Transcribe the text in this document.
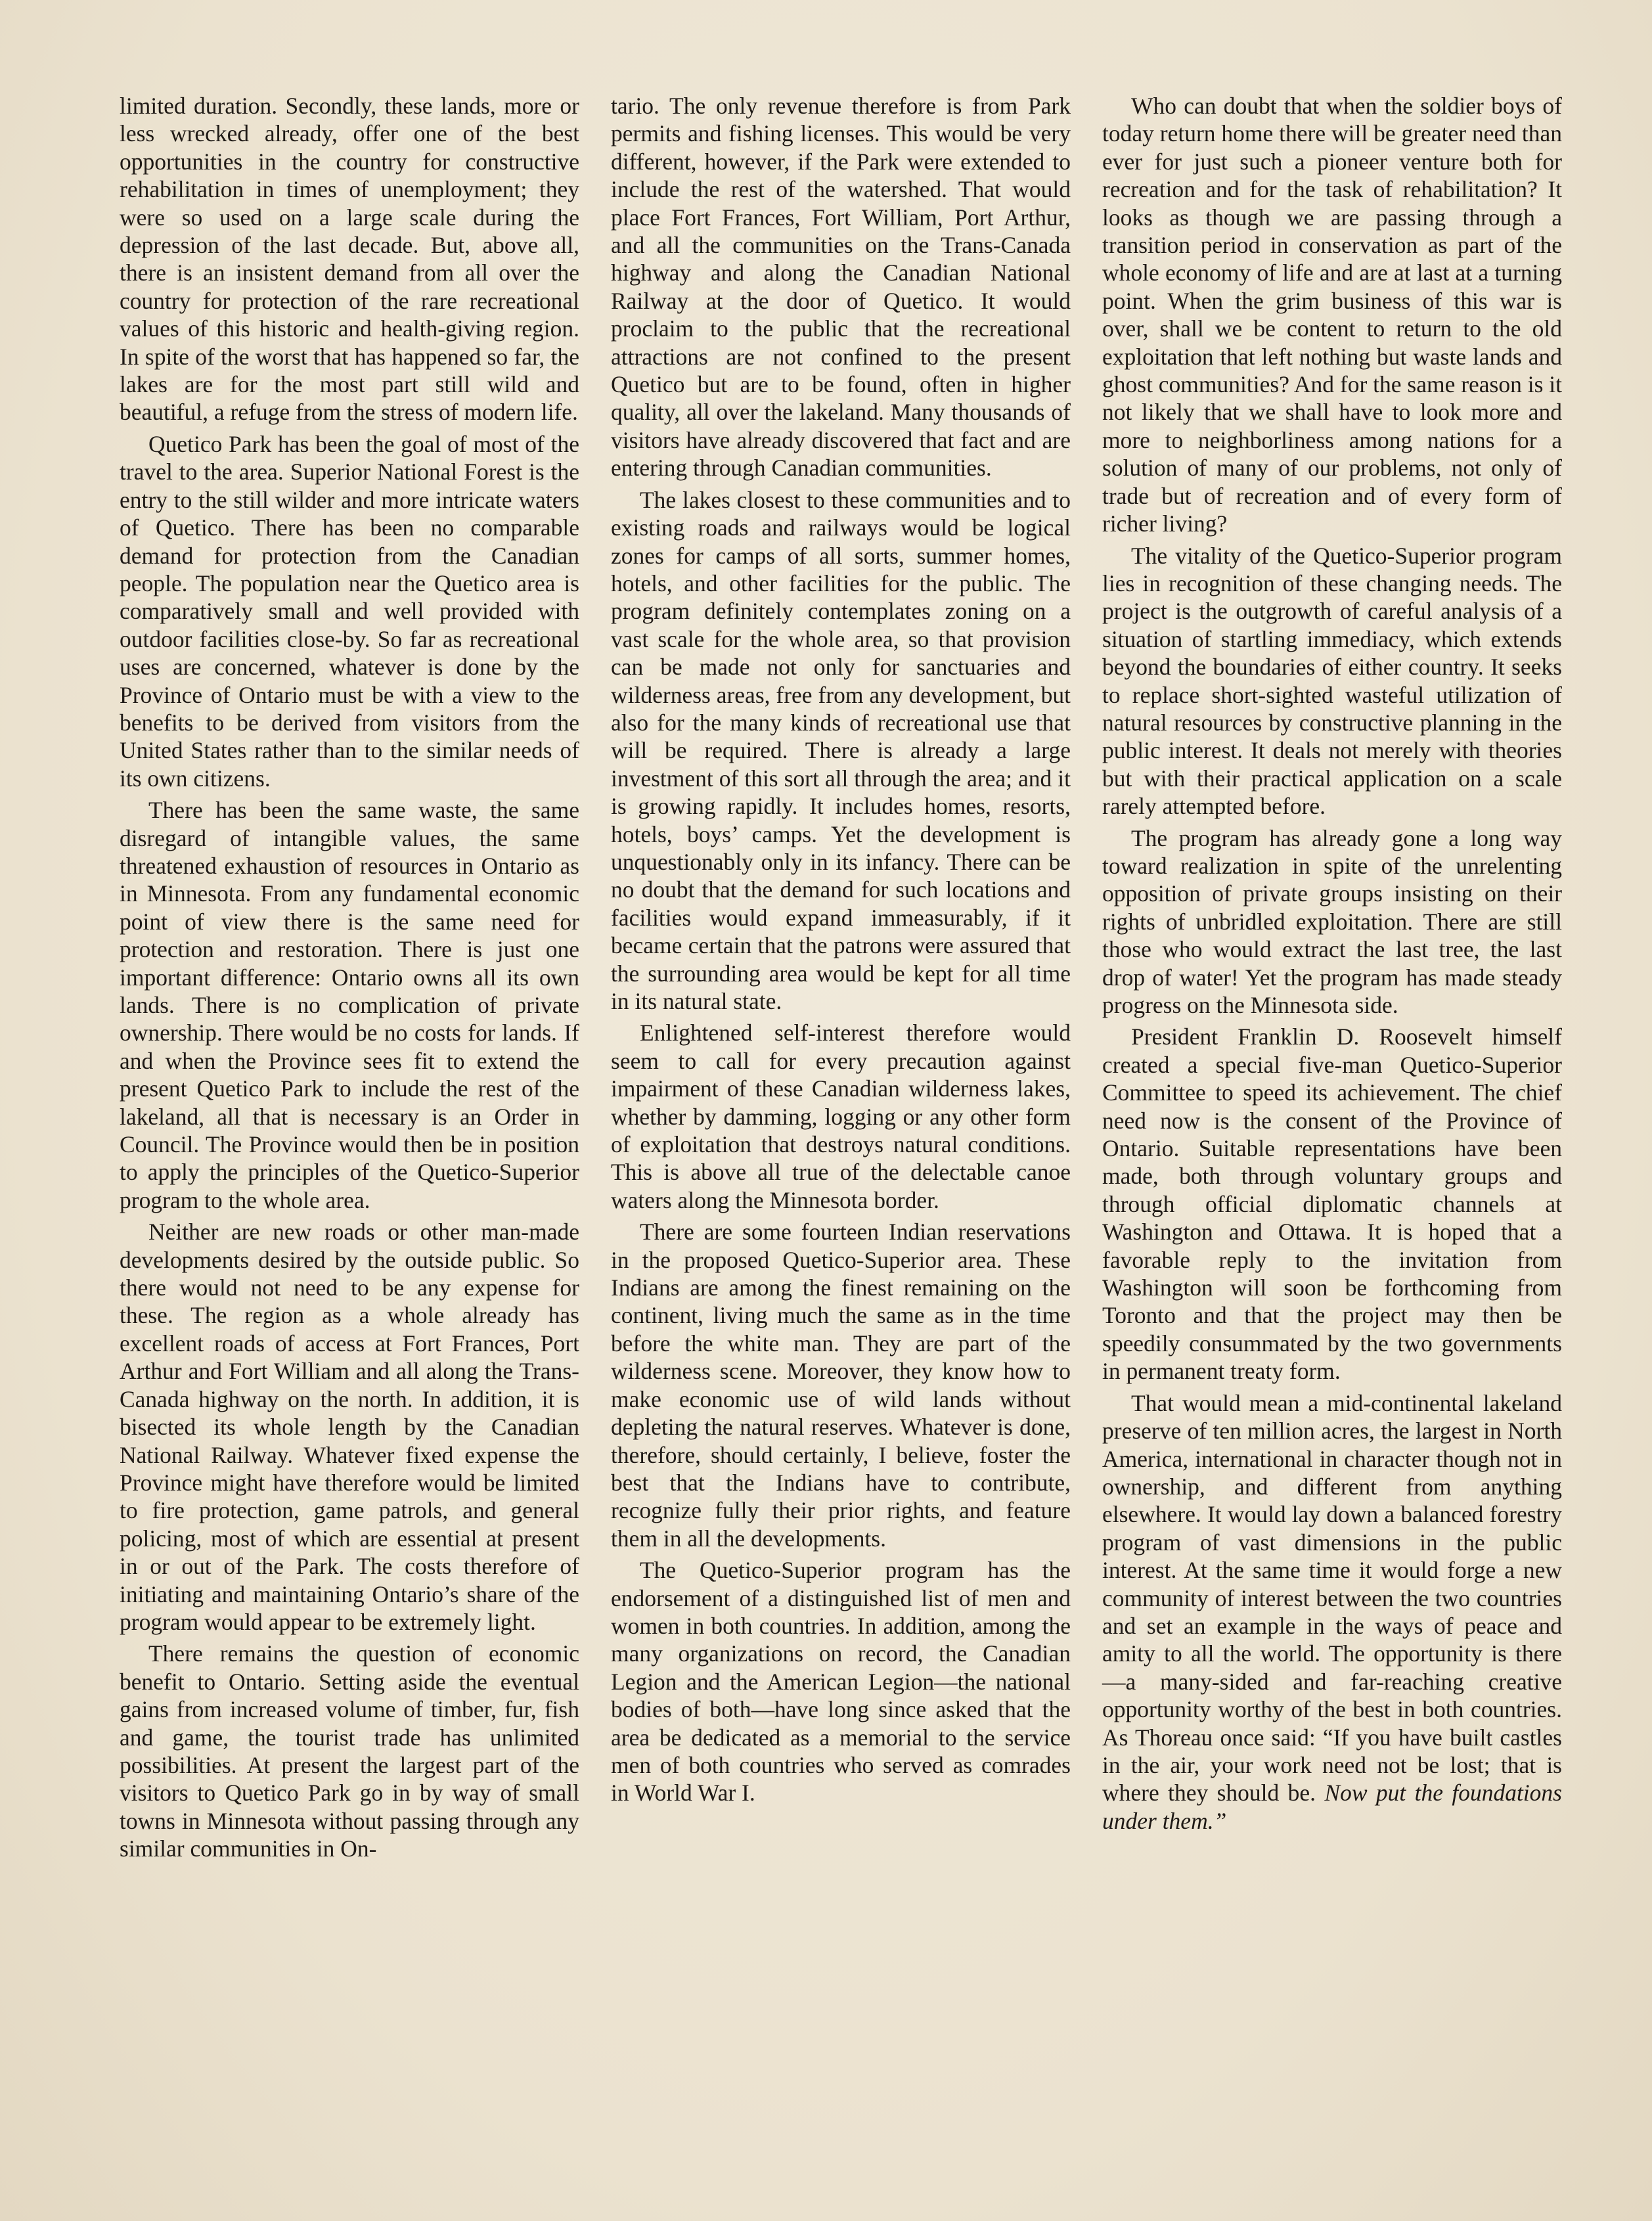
limited duration. Secondly, these lands, more or less wrecked already, offer one of the best opportunities in the country for constructive rehabilitation in times of unemployment; they were so used on a large scale during the depression of the last decade. But, above all, there is an insistent demand from all over the country for protection of the rare recreational values of this historic and health-giving region. In spite of the worst that has happened so far, the lakes are for the most part still wild and beautiful, a refuge from the stress of modern life.

Quetico Park has been the goal of most of the travel to the area. Superior National Forest is the entry to the still wilder and more intricate waters of Quetico. There has been no comparable demand for protection from the Canadian people. The population near the Quetico area is comparatively small and well provided with outdoor facilities close-by. So far as recreational uses are concerned, whatever is done by the Province of Ontario must be with a view to the benefits to be derived from visitors from the United States rather than to the similar needs of its own citizens.

There has been the same waste, the same disregard of intangible values, the same threatened exhaustion of resources in Ontario as in Minnesota. From any fundamental economic point of view there is the same need for protection and restoration. There is just one important difference: Ontario owns all its own lands. There is no complication of private ownership. There would be no costs for lands. If and when the Province sees fit to extend the present Quetico Park to include the rest of the lakeland, all that is necessary is an Order in Council. The Province would then be in position to apply the principles of the Quetico-Superior program to the whole area.

Neither are new roads or other man-made developments desired by the outside public. So there would not need to be any expense for these. The region as a whole already has excellent roads of access at Fort Frances, Port Arthur and Fort William and all along the Trans-Canada highway on the north. In addition, it is bisected its whole length by the Canadian National Railway. Whatever fixed expense the Province might have therefore would be limited to fire protection, game patrols, and general policing, most of which are essential at present in or out of the Park. The costs therefore of initiating and maintaining Ontario’s share of the program would appear to be extremely light.

There remains the question of economic benefit to Ontario. Setting aside the eventual gains from increased volume of timber, fur, fish and game, the tourist trade has unlimited possibilities. At present the largest part of the visitors to Quetico Park go in by way of small towns in Minnesota without passing through any similar communities in On-

tario. The only revenue therefore is from Park permits and fishing licenses. This would be very different, however, if the Park were extended to include the rest of the watershed. That would place Fort Frances, Fort William, Port Arthur, and all the communities on the Trans-Canada highway and along the Canadian National Railway at the door of Quetico. It would proclaim to the public that the recreational attractions are not confined to the present Quetico but are to be found, often in higher quality, all over the lakeland. Many thousands of visitors have already discovered that fact and are entering through Canadian communities.

The lakes closest to these communities and to existing roads and railways would be logical zones for camps of all sorts, summer homes, hotels, and other facilities for the public. The program definitely contemplates zoning on a vast scale for the whole area, so that provision can be made not only for sanctuaries and wilderness areas, free from any development, but also for the many kinds of recreational use that will be required. There is already a large investment of this sort all through the area; and it is growing rapidly. It includes homes, resorts, hotels, boys’ camps. Yet the development is unquestionably only in its infancy. There can be no doubt that the demand for such locations and facilities would expand immeasurably, if it became certain that the patrons were assured that the surrounding area would be kept for all time in its natural state.

Enlightened self-interest therefore would seem to call for every precaution against impairment of these Canadian wilderness lakes, whether by damming, logging or any other form of exploitation that destroys natural conditions. This is above all true of the delectable canoe waters along the Minnesota border.

There are some fourteen Indian reservations in the proposed Quetico-Superior area. These Indians are among the finest remaining on the continent, living much the same as in the time before the white man. They are part of the wilderness scene. Moreover, they know how to make economic use of wild lands without depleting the natural reserves. Whatever is done, therefore, should certainly, I believe, foster the best that the Indians have to contribute, recognize fully their prior rights, and feature them in all the developments.

The Quetico-Superior program has the endorsement of a distinguished list of men and women in both countries. In addition, among the many organizations on record, the Canadian Legion and the American Legion—the national bodies of both—have long since asked that the area be dedicated as a memorial to the service men of both countries who served as comrades in World War I.

Who can doubt that when the soldier boys of today return home there will be greater need than ever for just such a pioneer venture both for recreation and for the task of rehabilitation? It looks as though we are passing through a transition period in conservation as part of the whole economy of life and are at last at a turning point. When the grim business of this war is over, shall we be content to return to the old exploitation that left nothing but waste lands and ghost communities? And for the same reason is it not likely that we shall have to look more and more to neighborliness among nations for a solution of many of our problems, not only of trade but of recreation and of every form of richer living?

The vitality of the Quetico-Superior program lies in recognition of these changing needs. The project is the outgrowth of careful analysis of a situation of startling immediacy, which extends beyond the boundaries of either country. It seeks to replace short-sighted wasteful utilization of natural resources by constructive planning in the public interest. It deals not merely with theories but with their practical application on a scale rarely attempted before.

The program has already gone a long way toward realization in spite of the unrelenting opposition of private groups insisting on their rights of unbridled exploitation. There are still those who would extract the last tree, the last drop of water! Yet the program has made steady progress on the Minnesota side.

President Franklin D. Roosevelt himself created a special five-man Quetico-Superior Committee to speed its achievement. The chief need now is the consent of the Province of Ontario. Suitable representations have been made, both through voluntary groups and through official diplomatic channels at Washington and Ottawa. It is hoped that a favorable reply to the invitation from Washington will soon be forthcoming from Toronto and that the project may then be speedily consummated by the two governments in permanent treaty form.

That would mean a mid-continental lakeland preserve of ten million acres, the largest in North America, international in character though not in ownership, and different from anything elsewhere. It would lay down a balanced forestry program of vast dimensions in the public interest. At the same time it would forge a new community of interest between the two countries and set an example in the ways of peace and amity to all the world. The opportunity is there—a many-sided and far-reaching creative opportunity worthy of the best in both countries. As Thoreau once said: “If you have built castles in the air, your work need not be lost; that is where they should be. Now put the foundations under them.”
